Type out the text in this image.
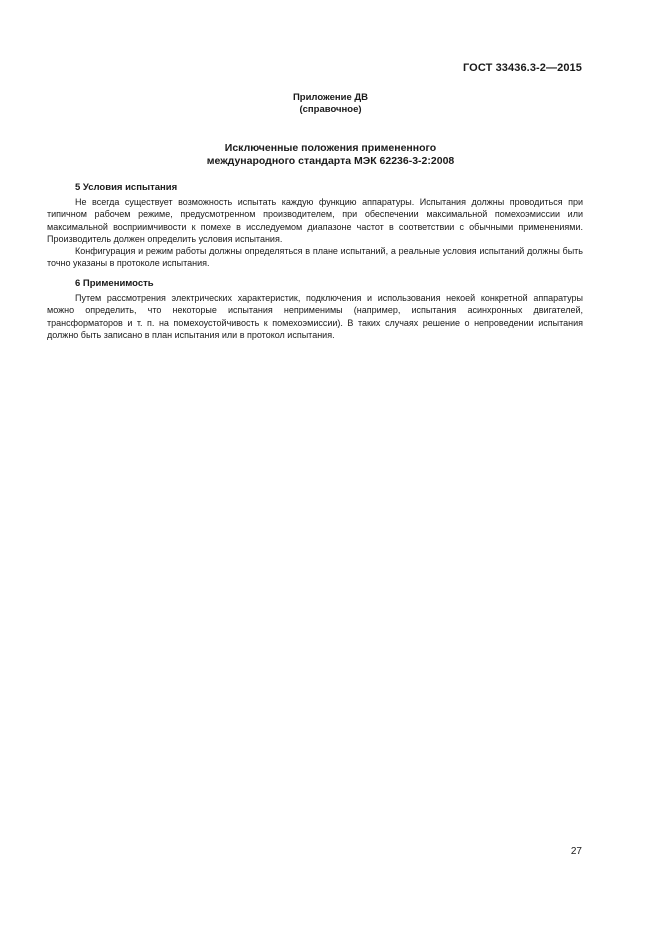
ГОСТ 33436.3-2—2015
Приложение ДВ
(справочное)
Исключенные положения примененного
международного стандарта МЭК 62236-3-2:2008
5 Условия испытания

Не всегда существует возможность испытать каждую функцию аппаратуры. Испытания должны проводиться при типичном рабочем режиме, предусмотренном производителем, при обеспечении максимальной помехоэмиссии или максимальной восприимчивости к помехе в исследуемом диапазоне частот в соответствии с обычными применениями. Производитель должен определить условия испытания.

Конфигурация и режим работы должны определяться в плане испытаний, а реальные условия испытаний должны быть точно указаны в протоколе испытания.

6 Применимость

Путем рассмотрения электрических характеристик, подключения и использования некоей конкретной аппаратуры можно определить, что некоторые испытания неприменимы (например, испытания асинхронных двигателей, трансформаторов и т. п. на помехоустойчивость к помехоэмиссии). В таких случаях решение о непроведении испытания должно быть записано в план испытания или в протокол испытания.

27
